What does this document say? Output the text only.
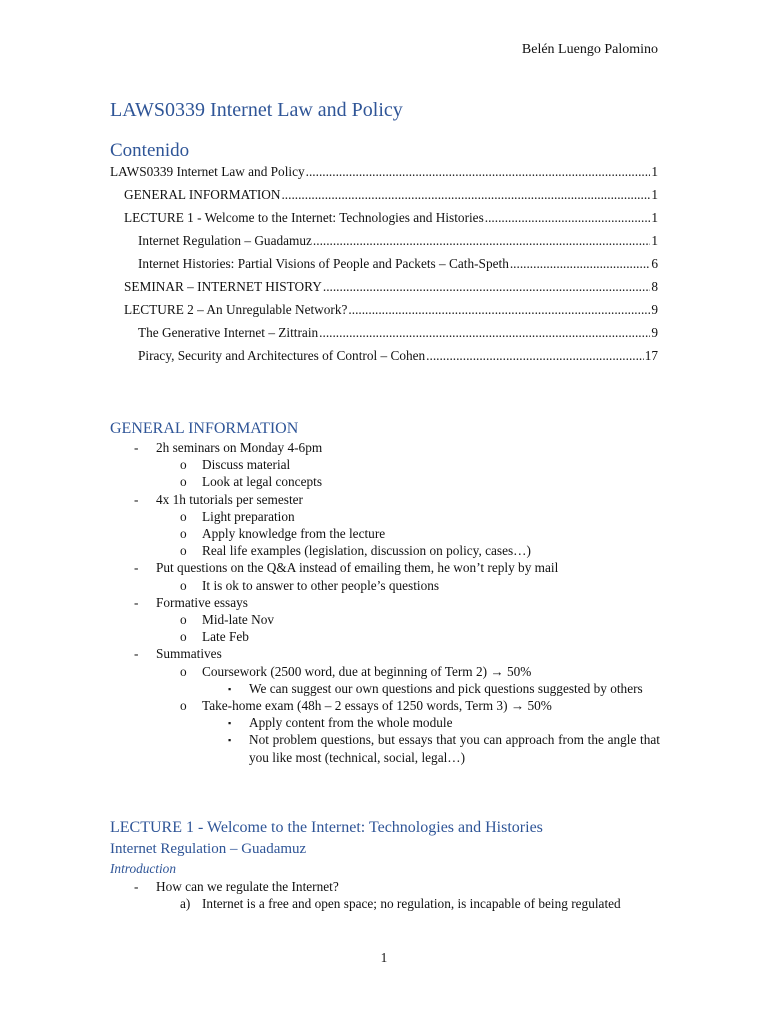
Belén Luengo Palomino
LAWS0339 Internet Law and Policy
Contenido
LAWS0339 Internet Law and Policy .....	1
GENERAL INFORMATION .....	1
LECTURE 1 - Welcome to the Internet: Technologies and Histories .....	1
Internet Regulation – Guadamuz .....	1
Internet Histories: Partial Visions of People and Packets – Cath-Speth .....	6
SEMINAR – INTERNET HISTORY .....	8
LECTURE 2 – An Unregulable Network? .....	9
The Generative Internet – Zittrain .....	9
Piracy, Security and Architectures of Control – Cohen .....	17
GENERAL INFORMATION
- 2h seminars on Monday 4-6pm
o Discuss material
o Look at legal concepts
- 4x 1h tutorials per semester
o Light preparation
o Apply knowledge from the lecture
o Real life examples (legislation, discussion on policy, cases…)
- Put questions on the Q&A instead of emailing them, he won’t reply by mail
o It is ok to answer to other people’s questions
- Formative essays
o Mid-late Nov
o Late Feb
- Summatives
o Coursework (2500 word, due at beginning of Term 2) → 50%
▪ We can suggest our own questions and pick questions suggested by others
o Take-home exam (48h – 2 essays of 1250 words, Term 3) → 50%
▪ Apply content from the whole module
▪ Not problem questions, but essays that you can approach from the angle that you like most (technical, social, legal…)
LECTURE 1 - Welcome to the Internet: Technologies and Histories
Internet Regulation – Guadamuz
Introduction
- How can we regulate the Internet?
a) Internet is a free and open space; no regulation, is incapable of being regulated
1
